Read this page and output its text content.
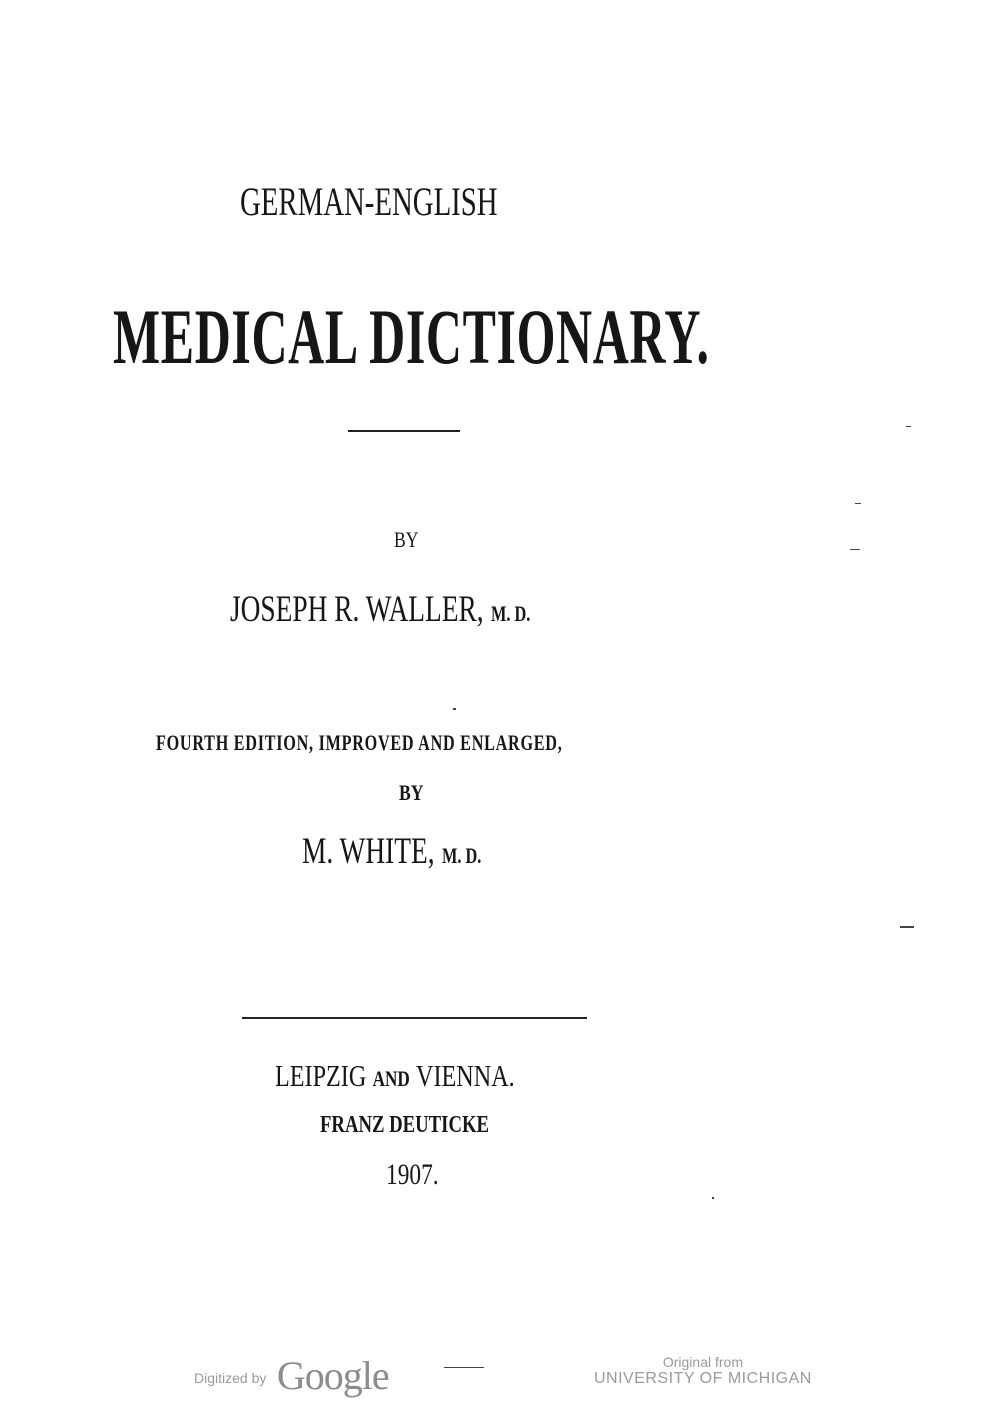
GERMAN-ENGLISH
MEDICAL DICTIONARY.
BY
JOSEPH R. WALLER, M. D.
FOURTH EDITION, IMPROVED AND ENLARGED,
BY
M. WHITE, M. D.
LEIPZIG AND VIENNA.
FRANZ DEUTICKE
1907.
Digitized by Google	Original from
UNIVERSITY OF MICHIGAN
